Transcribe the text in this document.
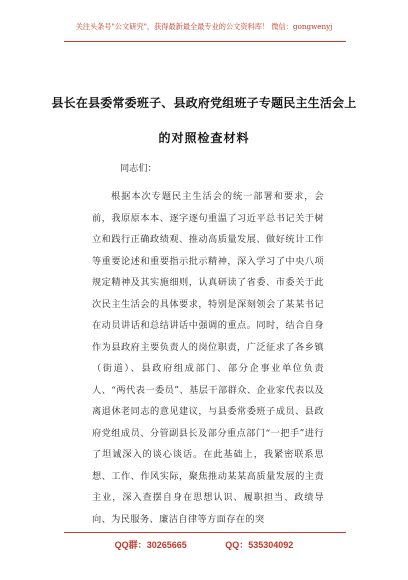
关注头条号"公文研究"，获得最新最全最专业的公文资料库！ 微信：gongwenyj
县长在县委常委班子、县政府党组班子专题民主生活会上
的对照检查材料
同志们：
根据本次专题民主生活会的统一部署和要求，会前，我原原本本、逐字逐句重温了习近平总书记关于树立和践行正确政绩观、推动高质量发展、做好统计工作等重要论述和重要指示批示精神，深入学习了中央八项规定精神及其实施细则，认真研读了省委、市委关于此次民主生活会的具体要求，特别是深刻领会了某某书记在动员讲话和总结讲话中强调的重点。同时，结合自身作为县政府主要负责人的岗位职责，广泛征求了各乡镇（街道）、县政府组成部门、部分企事业单位负责人、“两代表一委员”、基层干部群众、企业家代表以及离退休老同志的意见建议，与县委常委班子成员、县政府党组成员、分管副县长及部分重点部门“一把手”进行了坦诚深入的谈心谈话。在此基础上，我紧密联系思想、工作、作风实际，聚焦推动某某高质量发展的主责主业，深入查摆自身在思想认识、履职担当、政绩导向、为民服务、廉洁自律等方面存在的突
QQ群：30265665	QQ：535304092
